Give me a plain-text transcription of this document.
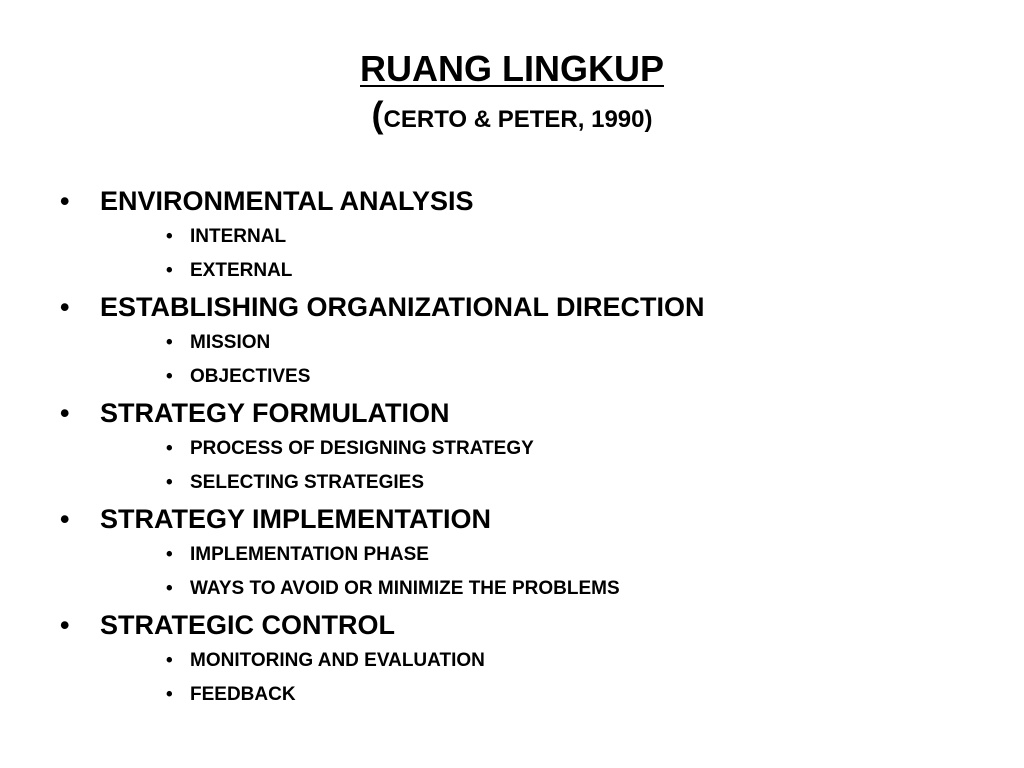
RUANG LINGKUP
(CERTO & PETER, 1990)
• ENVIRONMENTAL ANALYSIS
• INTERNAL
• EXTERNAL
• ESTABLISHING ORGANIZATIONAL DIRECTION
• MISSION
• OBJECTIVES
• STRATEGY FORMULATION
• PROCESS OF DESIGNING STRATEGY
• SELECTING STRATEGIES
• STRATEGY IMPLEMENTATION
• IMPLEMENTATION PHASE
• WAYS TO AVOID OR MINIMIZE THE PROBLEMS
• STRATEGIC CONTROL
• MONITORING AND EVALUATION
• FEEDBACK
